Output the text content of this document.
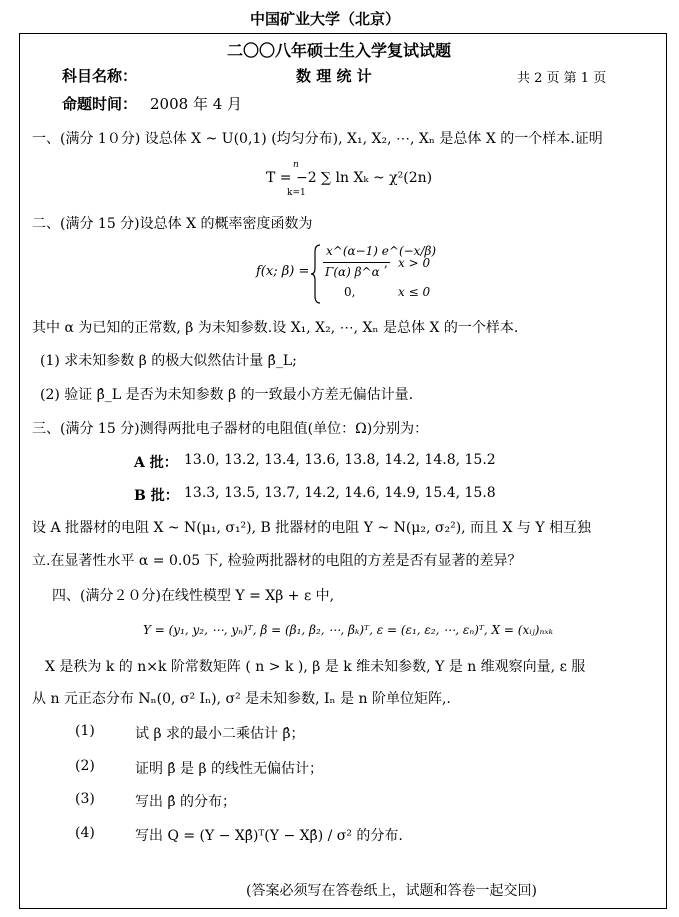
中国矿业大学（北京）
二〇〇八年硕士生入学复试试题
科目名称：	数 理 统 计	共 2 页 第 1 页
命题时间： 2008 年 4 月
一、(满分 1０分) 设总体 X ~ U(0,1) (均匀分布), X₁, X₂, ⋯, Xₙ 是总体 X 的一个样本.证明
T = −2 ∑ ln Xₖ ~ χ²(2n)
n
k=1
二、(满分 15 分)设总体 X 的概率密度函数为
f(x; β) =
x^(α−1) e^(−x/β)
Γ(α) β^α
, x > 0
0,	x ≤ 0
其中 α 为已知的正常数, β 为未知参数.设 X₁, X₂, ⋯, Xₙ 是总体 X 的一个样本.
(1) 求未知参数 β 的极大似然估计量 β̂_L;
(2) 验证 β̂_L 是否为未知参数 β 的一致最小方差无偏估计量.
三、(满分 15 分)测得两批电子器材的电阻值(单位：Ω)分别为：
A 批： 13.0, 13.2, 13.4, 13.6, 13.8, 14.2, 14.8, 15.2
B 批： 13.3, 13.5, 13.7, 14.2, 14.6, 14.9, 15.4, 15.8
设 A 批器材的电阻 X ~ N(μ₁, σ₁²), B 批器材的电阻 Y ~ N(μ₂, σ₂²), 而且 X 与 Y 相互独
立.在显著性水平 α = 0.05 下, 检验两批器材的电阻的方差是否有显著的差异？
四、(满分２０分)在线性模型 Y = Xβ + ε 中,
Y = (y₁, y₂, ⋯, yₙ)ᵀ, β = (β₁, β₂, ⋯, βₖ)ᵀ, ε = (ε₁, ε₂, ⋯, εₙ)ᵀ, X = (xᵢⱼ)ₙₓₖ
X 是秩为 k 的 n×k 阶常数矩阵 ( n > k ), β 是 k 维未知参数, Y 是 n 维观察向量, ε 服
从 n 元正态分布 Nₙ(0, σ² Iₙ), σ² 是未知参数, Iₙ 是 n 阶单位矩阵,.
(1)	试 β 求的最小二乘估计 β̂；
(2)	证明 β̂ 是 β 的线性无偏估计；
(3)	写出 β̂ 的分布；
(4)	写出 Q = (Y − Xβ̂)ᵀ(Y − Xβ̂) / σ² 的分布.
(答案必须写在答卷纸上，试题和答卷一起交回)
